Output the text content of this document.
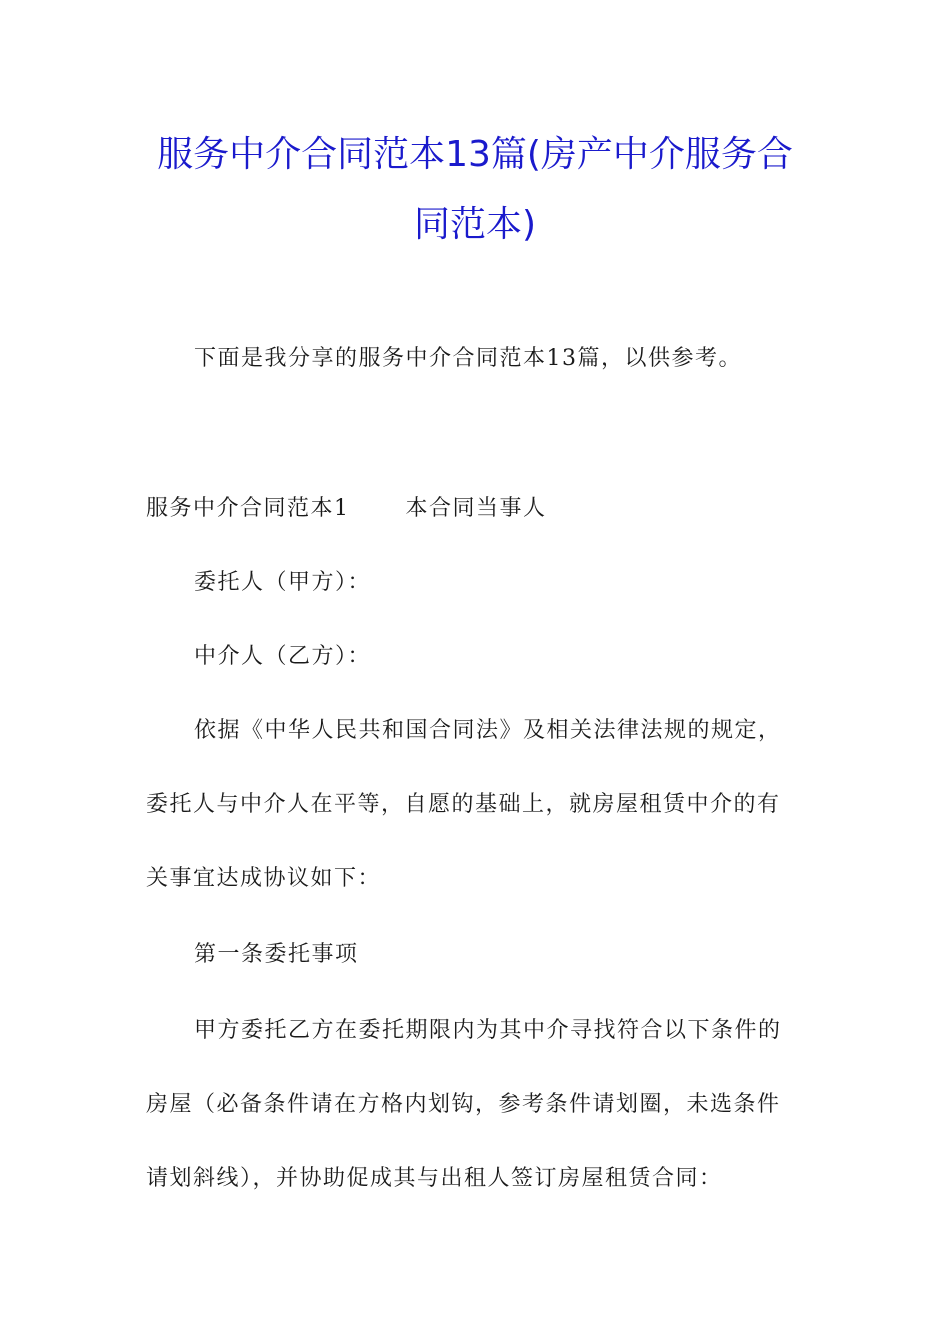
服务中介合同范本13篇(房产中介服务合
同范本)

下面是我分享的服务中介合同范本13篇，以供参考。

服务中介合同范本1	本合同当事人

委托人（甲方）：

中介人（乙方）：

依据《中华人民共和国合同法》及相关法律法规的规定，

委托人与中介人在平等，自愿的基础上，就房屋租赁中介的有

关事宜达成协议如下：

第一条委托事项

甲方委托乙方在委托期限内为其中介寻找符合以下条件的

房屋（必备条件请在方格内划钩，参考条件请划圈，未选条件

请划斜线），并协助促成其与出租人签订房屋租赁合同：
